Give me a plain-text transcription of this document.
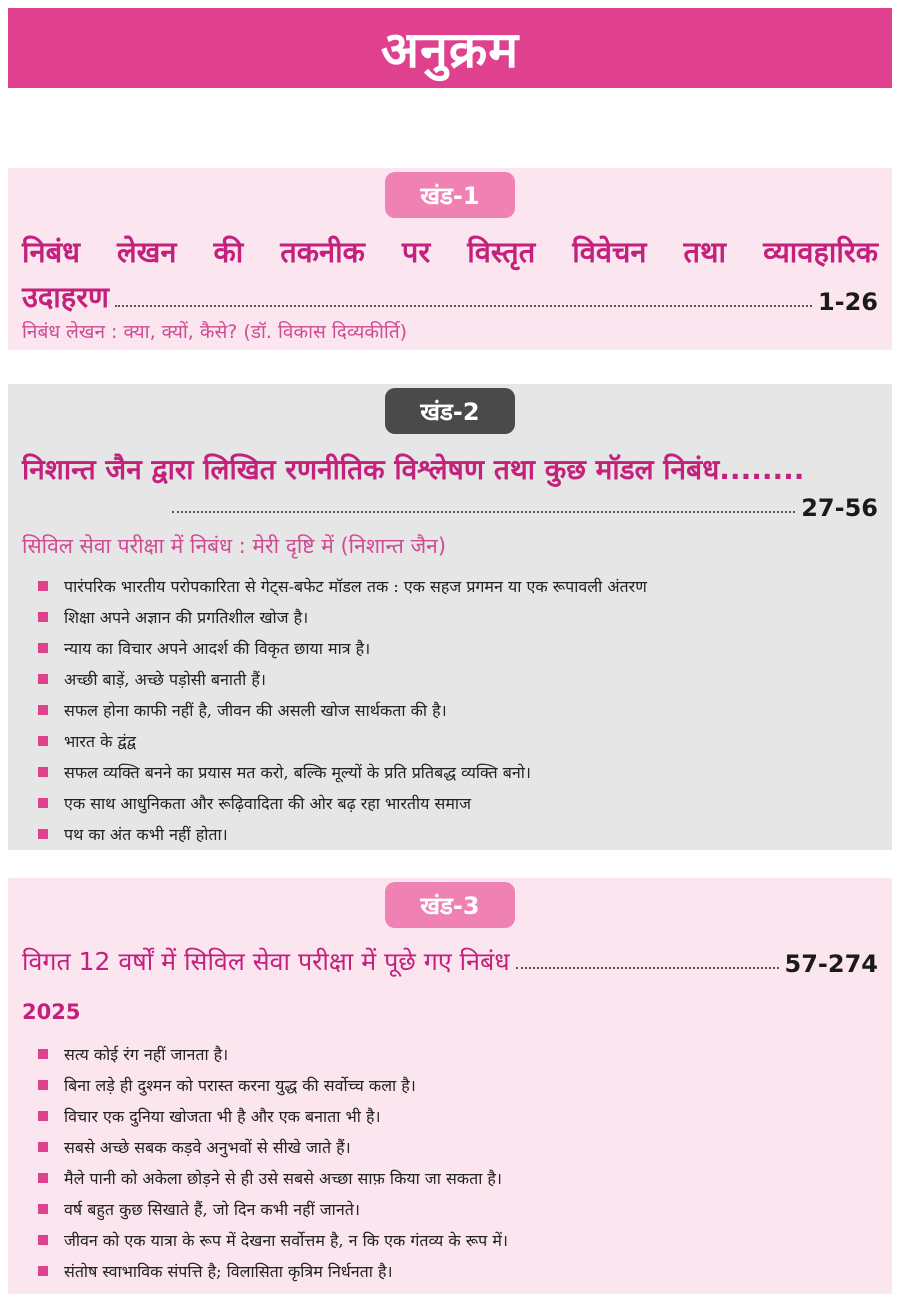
अनुक्रम
खंड-1
निबंध लेखन की तकनीक पर विस्तृत विवेचन तथा व्यावहारिक
उदाहरण	1-26
निबंध लेखन : क्या, क्यों, कैसे? (डॉ. विकास दिव्यकीर्ति)
खंड-2
निशान्त जैन द्वारा लिखित रणनीतिक विश्लेषण तथा कुछ मॉडल निबंध........
27-56
सिविल सेवा परीक्षा में निबंध : मेरी दृष्टि में (निशान्त जैन)
पारंपरिक भारतीय परोपकारिता से गेट्स-बफेट मॉडल तक : एक सहज प्रगमन या एक रूपावली अंतरण
शिक्षा अपने अज्ञान की प्रगतिशील खोज है।
न्याय का विचार अपने आदर्श की विकृत छाया मात्र है।
अच्छी बाड़ें, अच्छे पड़ोसी बनाती हैं।
सफल होना काफी नहीं है, जीवन की असली खोज सार्थकता की है।
भारत के द्वंद्व
सफल व्यक्ति बनने का प्रयास मत करो, बल्कि मूल्यों के प्रति प्रतिबद्ध व्यक्ति बनो।
एक साथ आधुनिकता और रूढ़िवादिता की ओर बढ़ रहा भारतीय समाज
पथ का अंत कभी नहीं होता।
खंड-3
विगत 12 वर्षों में सिविल सेवा परीक्षा में पूछे गए निबंध	57-274
2025
सत्य कोई रंग नहीं जानता है।
बिना लड़े ही दुश्मन को परास्त करना युद्ध की सर्वोच्च कला है।
विचार एक दुनिया खोजता भी है और एक बनाता भी है।
सबसे अच्छे सबक कड़वे अनुभवों से सीखे जाते हैं।
मैले पानी को अकेला छोड़ने से ही उसे सबसे अच्छा साफ़ किया जा सकता है।
वर्ष बहुत कुछ सिखाते हैं, जो दिन कभी नहीं जानते।
जीवन को एक यात्रा के रूप में देखना सर्वोत्तम है, न कि एक गंतव्य के रूप में।
संतोष स्वाभाविक संपत्ति है; विलासिता कृत्रिम निर्धनता है।
